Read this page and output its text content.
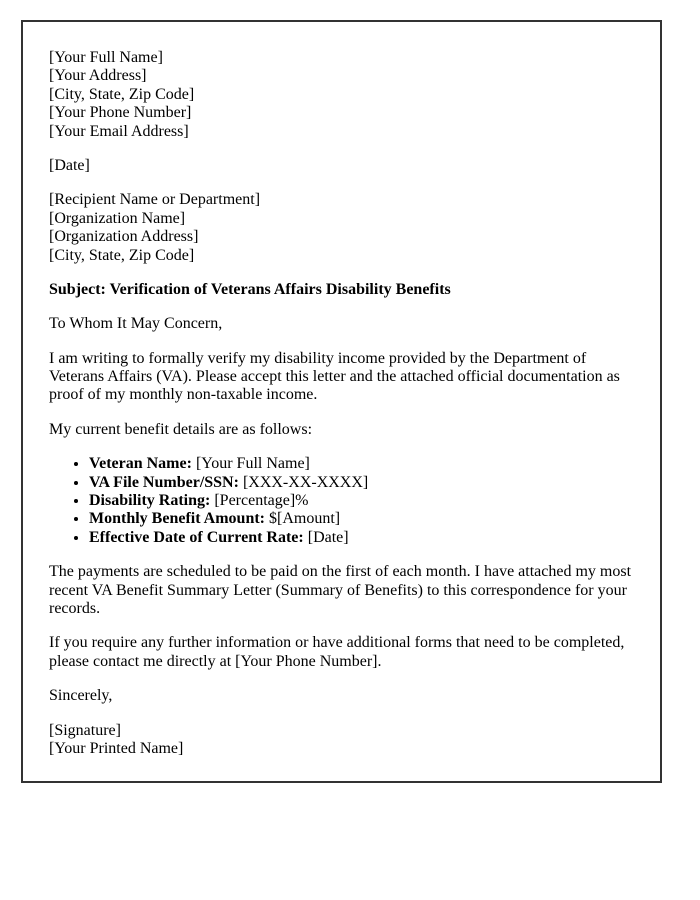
[Your Full Name]
[Your Address]
[City, State, Zip Code]
[Your Phone Number]
[Your Email Address]

[Date]

[Recipient Name or Department]
[Organization Name]
[Organization Address]
[City, State, Zip Code]

Subject: Verification of Veterans Affairs Disability Benefits

To Whom It May Concern,

I am writing to formally verify my disability income provided by the Department of Veterans Affairs (VA). Please accept this letter and the attached official documentation as proof of my monthly non-taxable income.

My current benefit details are as follows:

• Veteran Name: [Your Full Name]
• VA File Number/SSN: [XXX-XX-XXXX]
• Disability Rating: [Percentage]%
• Monthly Benefit Amount: $[Amount]
• Effective Date of Current Rate: [Date]

The payments are scheduled to be paid on the first of each month. I have attached my most recent VA Benefit Summary Letter (Summary of Benefits) to this correspondence for your records.

If you require any further information or have additional forms that need to be completed, please contact me directly at [Your Phone Number].

Sincerely,

[Signature]
[Your Printed Name]
